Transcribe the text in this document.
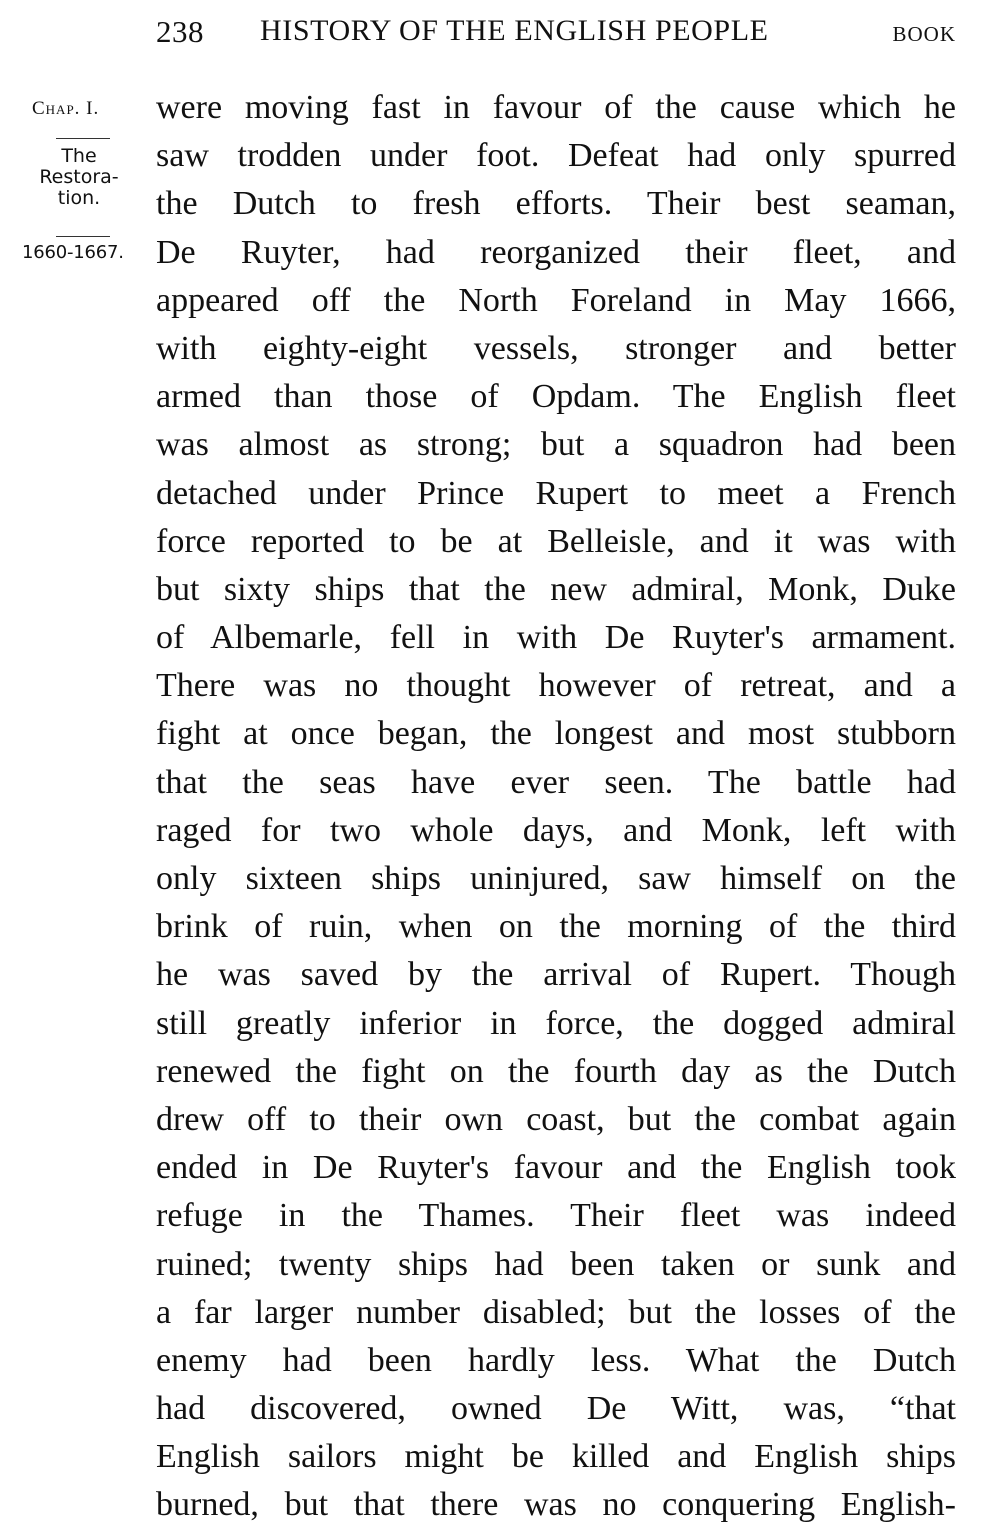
238 HISTORY OF THE ENGLISH PEOPLE	BOOK
Chap. I.
The
Restora-
tion.
1660-1667.
were moving fast in favour of the cause which he
saw trodden under foot. Defeat had only spurred
the Dutch to fresh efforts. Their best seaman,
De Ruyter, had reorganized their fleet, and
appeared off the North Foreland in May 1666,
with eighty-eight vessels, stronger and better
armed than those of Opdam. The English fleet
was almost as strong; but a squadron had been
detached under Prince Rupert to meet a French
force reported to be at Belleisle, and it was with
but sixty ships that the new admiral, Monk, Duke
of Albemarle, fell in with De Ruyter's armament.
There was no thought however of retreat, and a
fight at once began, the longest and most stubborn
that the seas have ever seen. The battle had
raged for two whole days, and Monk, left with
only sixteen ships uninjured, saw himself on the
brink of ruin, when on the morning of the third
he was saved by the arrival of Rupert. Though
still greatly inferior in force, the dogged admiral
renewed the fight on the fourth day as the Dutch
drew off to their own coast, but the combat again
ended in De Ruyter's favour and the English took
refuge in the Thames. Their fleet was indeed
ruined; twenty ships had been taken or sunk and
a far larger number disabled; but the losses of the
enemy had been hardly less. What the Dutch
had discovered, owned De Witt, was, “that
English sailors might be killed and English ships
burned, but that there was no conquering English-
